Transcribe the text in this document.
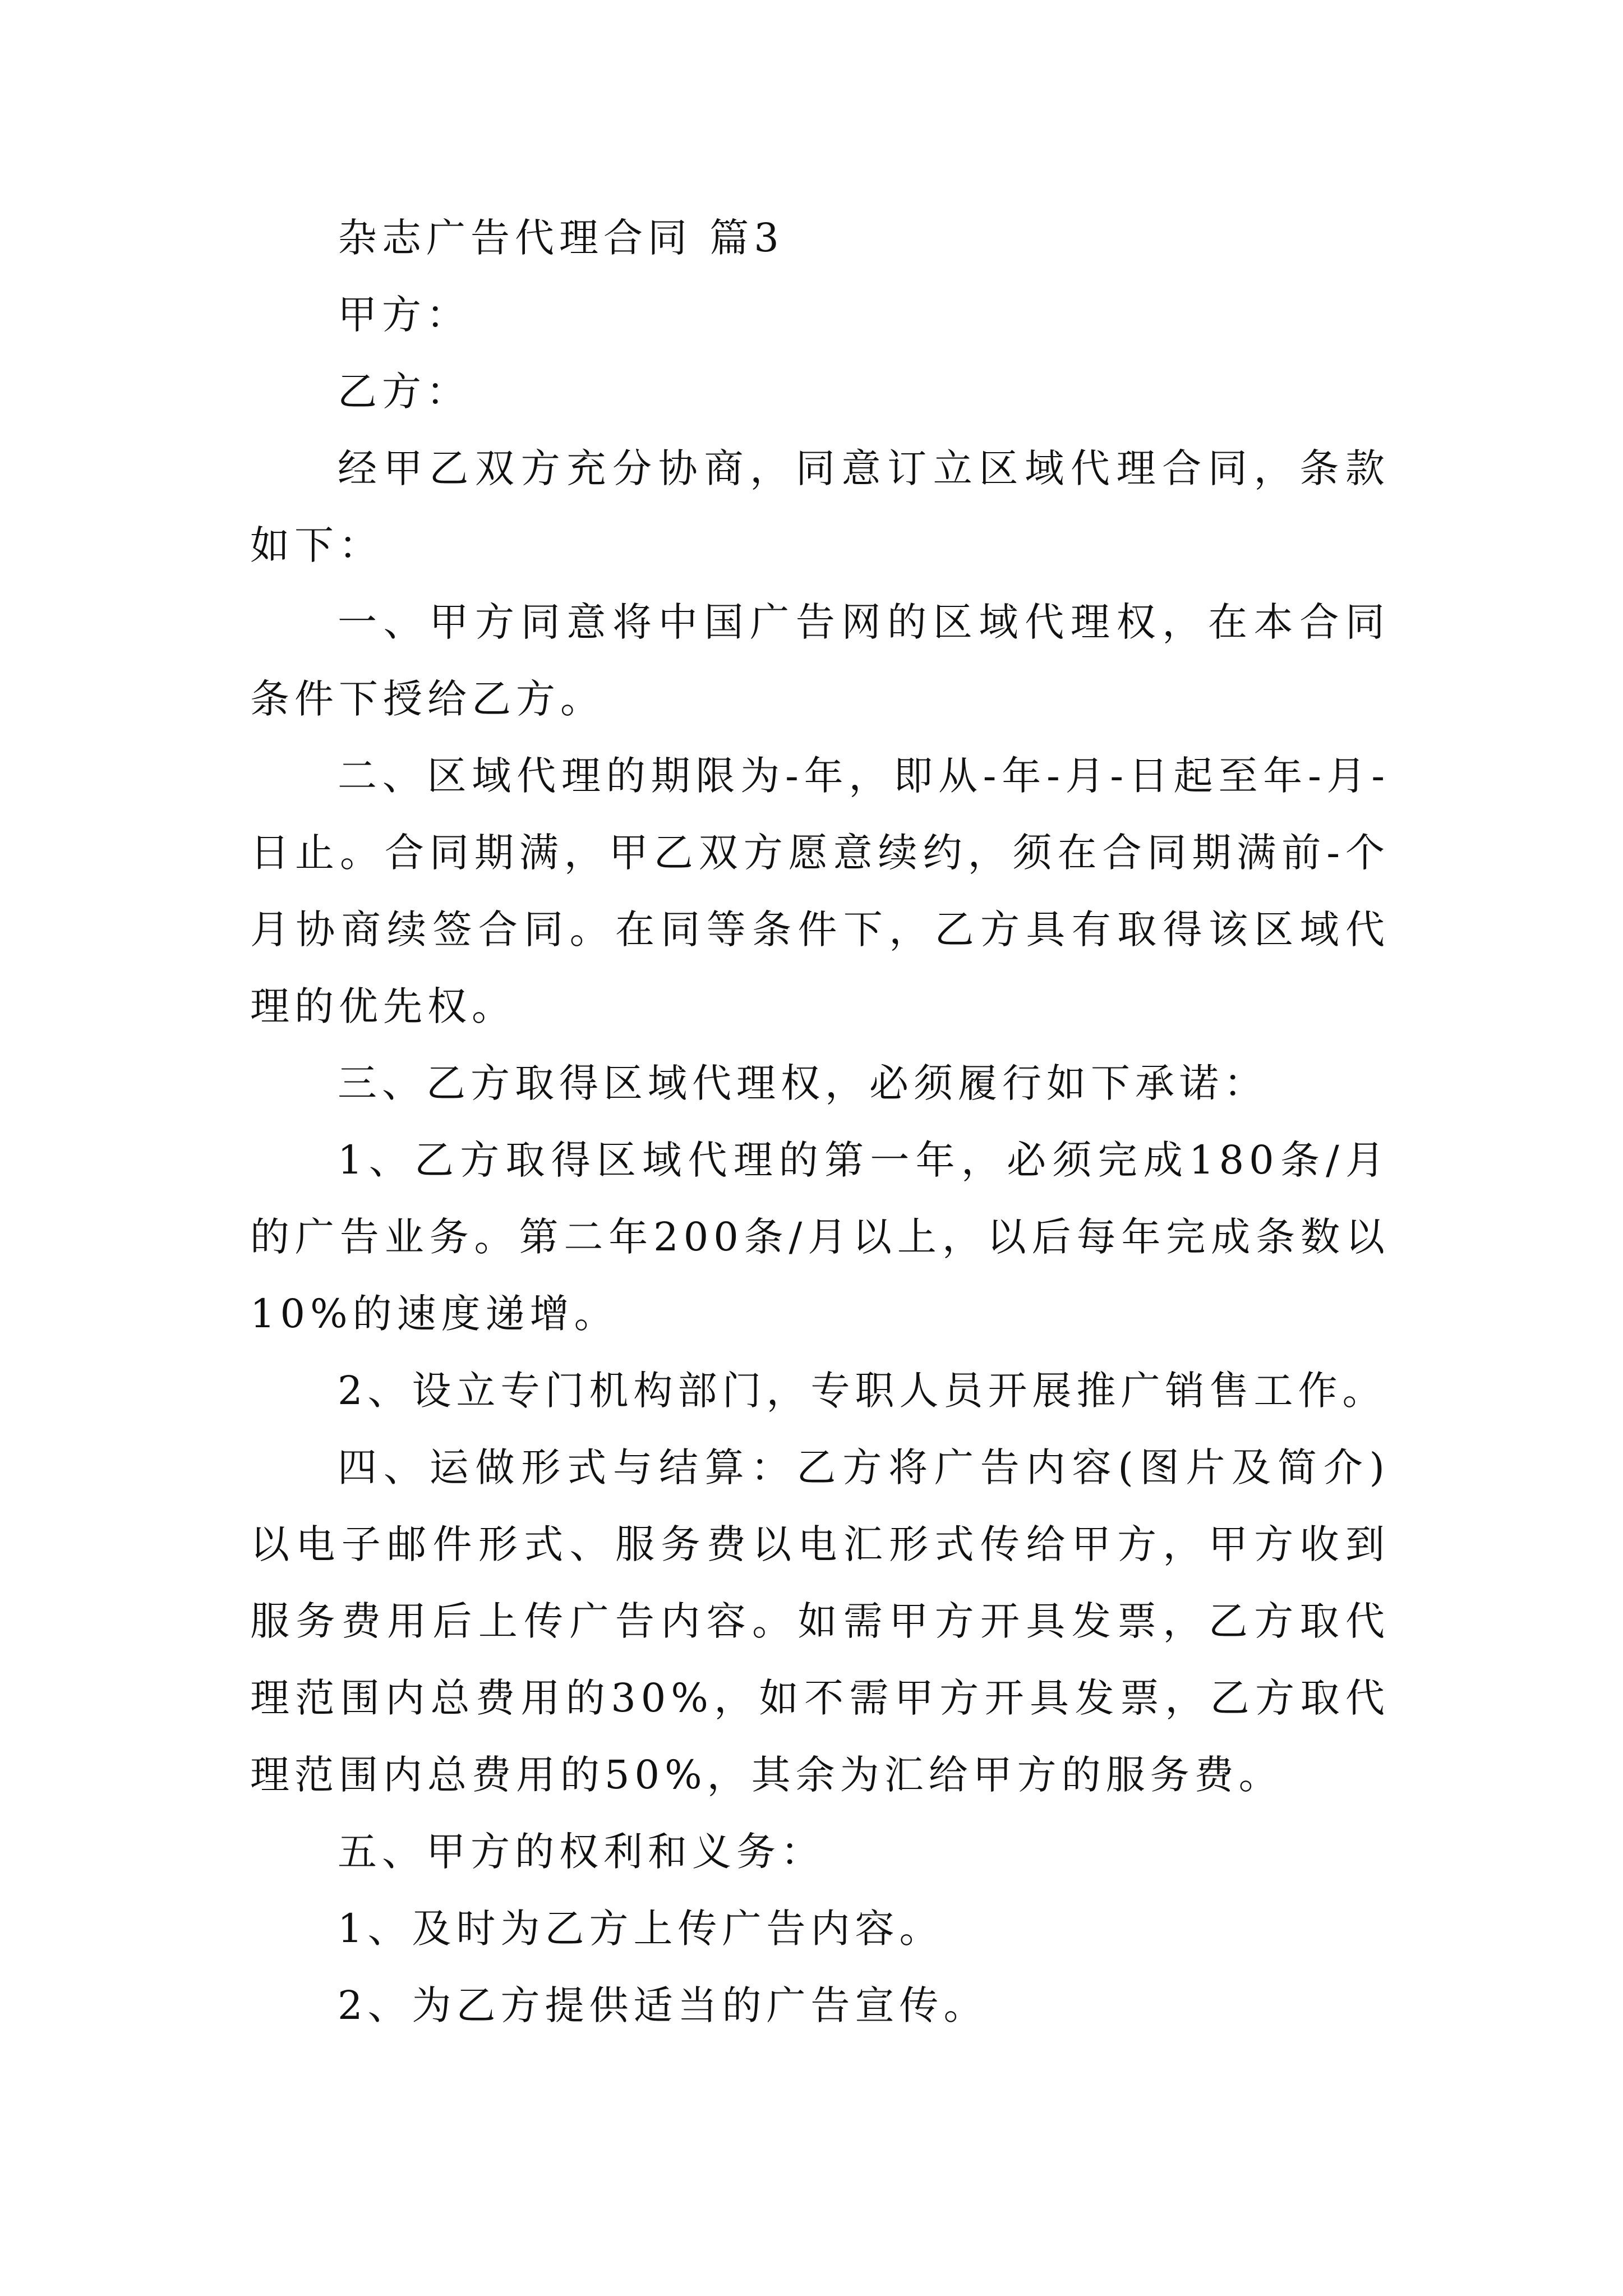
杂志广告代理合同 篇3

甲方：

乙方：

经甲乙双方充分协商，同意订立区域代理合同，条款如下：

一、甲方同意将中国广告网的区域代理权，在本合同条件下授给乙方。

二、区域代理的期限为-年，即从-年-月-日起至年-月-日止。合同期满，甲乙双方愿意续约，须在合同期满前-个月协商续签合同。在同等条件下，乙方具有取得该区域代理的优先权。

三、乙方取得区域代理权，必须履行如下承诺：

1、乙方取得区域代理的第一年，必须完成180条/月的广告业务。第二年200条/月以上，以后每年完成条数以10%的速度递增。

2、设立专门机构部门，专职人员开展推广销售工作。

四、运做形式与结算：乙方将广告内容(图片及简介)以电子邮件形式、服务费以电汇形式传给甲方，甲方收到服务费用后上传广告内容。如需甲方开具发票，乙方取代理范围内总费用的30%，如不需甲方开具发票，乙方取代理范围内总费用的50%，其余为汇给甲方的服务费。

五、甲方的权利和义务：

1、及时为乙方上传广告内容。

2、为乙方提供适当的广告宣传。
